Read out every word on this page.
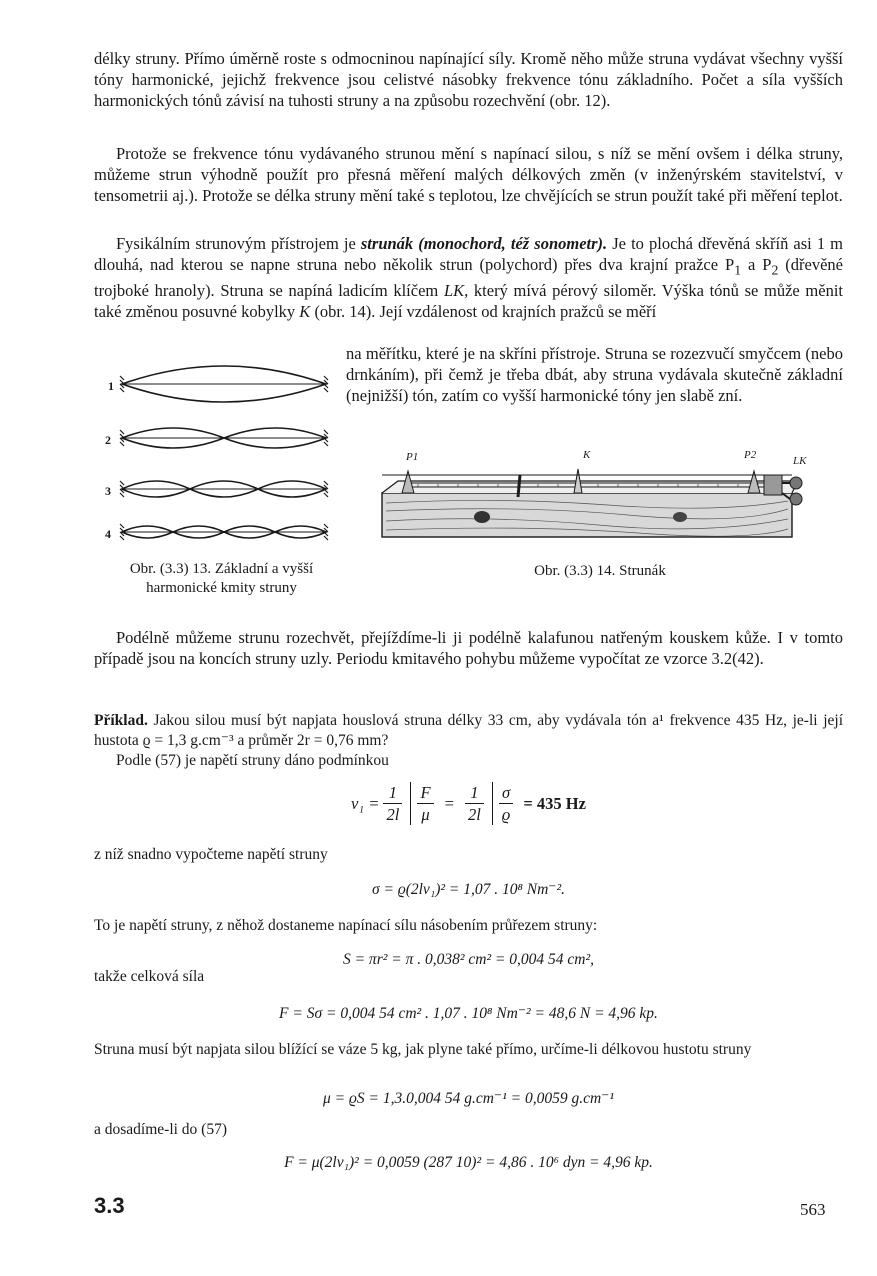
délky struny. Přímo úměrně roste s odmocninou napínající síly. Kromě něho může struna vydávat všechny vyšší tóny harmonické, jejichž frekvence jsou celistvé násobky frekvence tónu základního. Počet a síla vyšších harmonických tónů závisí na tuhosti struny a na způsobu rozechvění (obr. 12).

Protože se frekvence tónu vydávaného strunou mění s napínací silou, s níž se mění ovšem i délka struny, můžeme strun výhodně použít pro přesná měření malých délkových změn (v inženýrském stavitelství, v tensometrii aj.). Protože se délka struny mění také s teplotou, lze chvějících se strun použít také při měření teplot.

Fysikálním strunovým přístrojem je strunák (monochord, též sonometr). Je to plochá dřevěná skříň asi 1 m dlouhá, nad kterou se napne struna nebo několik strun (polychord) přes dva krajní pražce $P_1$ a $P_2$ (dřevěné trojboké hranoly). Struna se napíná ladicím klíčem LK, který mívá pérový siloměr. Výška tónů se může měnit také změnou posuvné kobylky K (obr. 14). Její vzdálenost od krajních pražců se měří

na měřítku, které je na skříni přístroje. Struna se rozezvučí smyčcem (nebo drnkáním), při čemž je třeba dbát, aby struna vydávala skutečně základní (nejnižší) tón, zatím co vyšší harmonické tóny jen slabě zní.

1
2
3
4
Obr. (3.3) 13. Základní a vyšší
harmonické kmity struny
P1	K	P2	LK
Obr. (3.3) 14. Strunák

Podélně můžeme strunu rozechvět, přejíždíme-li ji podélně kalafunou natřeným kouskem kůže. I v tomto případě jsou na koncích struny uzly. Periodu kmitavého pohybu můžeme vypočítat ze vzorce 3.2(42).

Příklad. Jakou silou musí být napjata houslová struna délky 33 cm, aby vydávala tón a¹ frekvence 435 Hz, je-li její hustota ϱ = 1,3 g.cm⁻³ a průměr 2r = 0,76 mm?

Podle (57) je napětí struny dáno podmínkou

$\nu_1 = \frac{1}{2l}$
$\frac{F}{\mu} = \frac{1}{2l}$
$\frac{\sigma}{ϱ} = 435$ Hz

z níž snadno vypočteme napětí struny

σ = ϱ(2lν₁)² = 1,07 . 10⁸ Nm⁻².

To je napětí struny, z něhož dostaneme napínací sílu násobením průřezem struny:

S = πr² = π . 0,038² cm² = 0,004 54 cm²,

takže celková síla

F = Sσ = 0,004 54 cm² . 1,07 . 10⁸ Nm⁻² = 48,6 N = 4,96 kp.

Struna musí být napjata silou blížící se váze 5 kg, jak plyne také přímo, určíme-li délkovou hustotu struny

μ = ϱS = 1,3.0,004 54 g.cm⁻¹ = 0,0059 g.cm⁻¹

a dosadíme-li do (57)

F = μ(2lν₁)² = 0,0059 (287 10)² = 4,86 . 10⁶ dyn = 4,96 kp.
3.3	563
